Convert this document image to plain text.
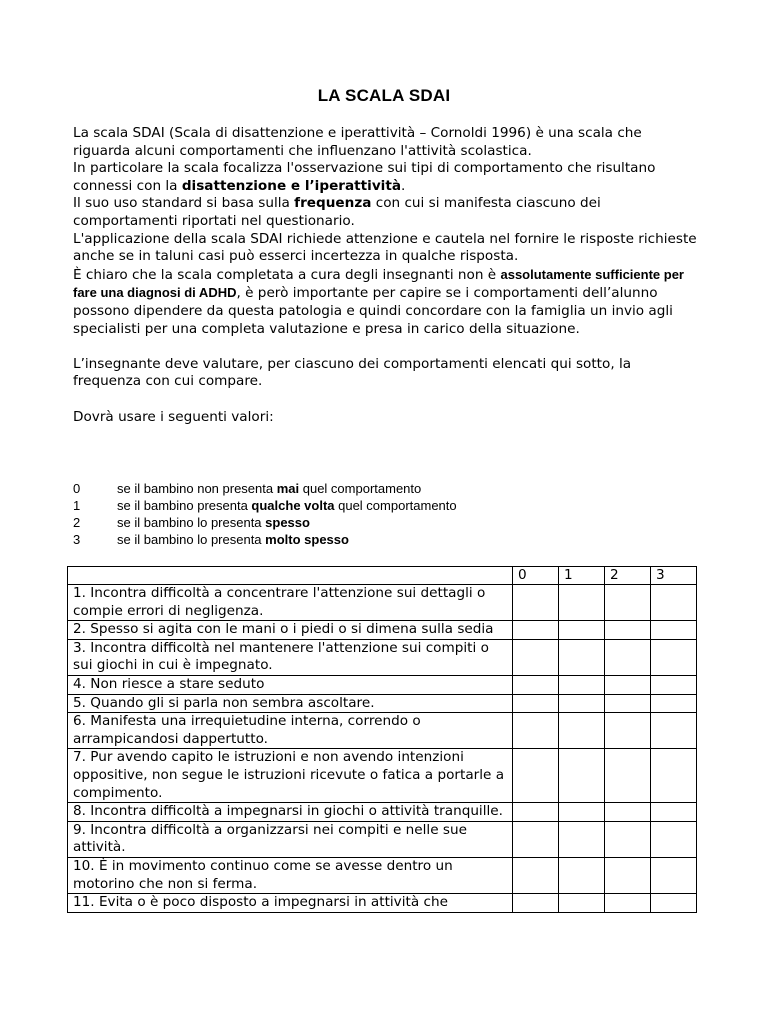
LA SCALA SDAI

La scala SDAI (Scala di disattenzione e iperattività – Cornoldi 1996) è una scala che riguarda alcuni comportamenti che influenzano l'attività scolastica.

In particolare la scala focalizza l'osservazione sui tipi di comportamento che risultano connessi con la disattenzione e l’iperattività.

Il suo uso standard si basa sulla frequenza con cui si manifesta ciascuno dei comportamenti riportati nel questionario.

L'applicazione della scala SDAI richiede attenzione e cautela nel fornire le risposte richieste anche se in taluni casi può esserci incertezza in qualche risposta.

È chiaro che la scala completata a cura degli insegnanti non è assolutamente sufficiente per fare una diagnosi di ADHD, è però importante per capire se i comportamenti dell’alunno possono dipendere da questa patologia e quindi concordare con la famiglia un invio agli specialisti per una completa valutazione e presa in carico della situazione.

L’insegnante deve valutare, per ciascuno dei comportamenti elencati qui sotto, la frequenza con cui compare.

Dovrà usare i seguenti valori:

0	se il bambino non presenta mai quel comportamento
1	se il bambino presenta qualche volta quel comportamento
2	se il bambino lo presenta spesso
3	se il bambino lo presenta molto spesso
	0	1	2	3
1. Incontra difficoltà a concentrare l'attenzione sui dettagli o compie errori di negligenza.				
2. Spesso si agita con le mani o i piedi o si dimena sulla sedia				
3. Incontra difficoltà nel mantenere l'attenzione sui compiti o sui giochi in cui è impegnato.				
4. Non riesce a stare seduto				
5. Quando gli si parla non sembra ascoltare.				
6. Manifesta una irrequietudine interna, correndo o arrampicandosi dappertutto.				
7. Pur avendo capito le istruzioni e non avendo intenzioni oppositive, non segue le istruzioni ricevute o fatica a portarle a compimento.				
8. Incontra difficoltà a impegnarsi in giochi o attività tranquille.				
9. Incontra difficoltà a organizzarsi nei compiti e nelle sue attività.				
10. È in movimento continuo come se avesse dentro un motorino che non si ferma.				
11. Evita o è poco disposto a impegnarsi in attività che				
